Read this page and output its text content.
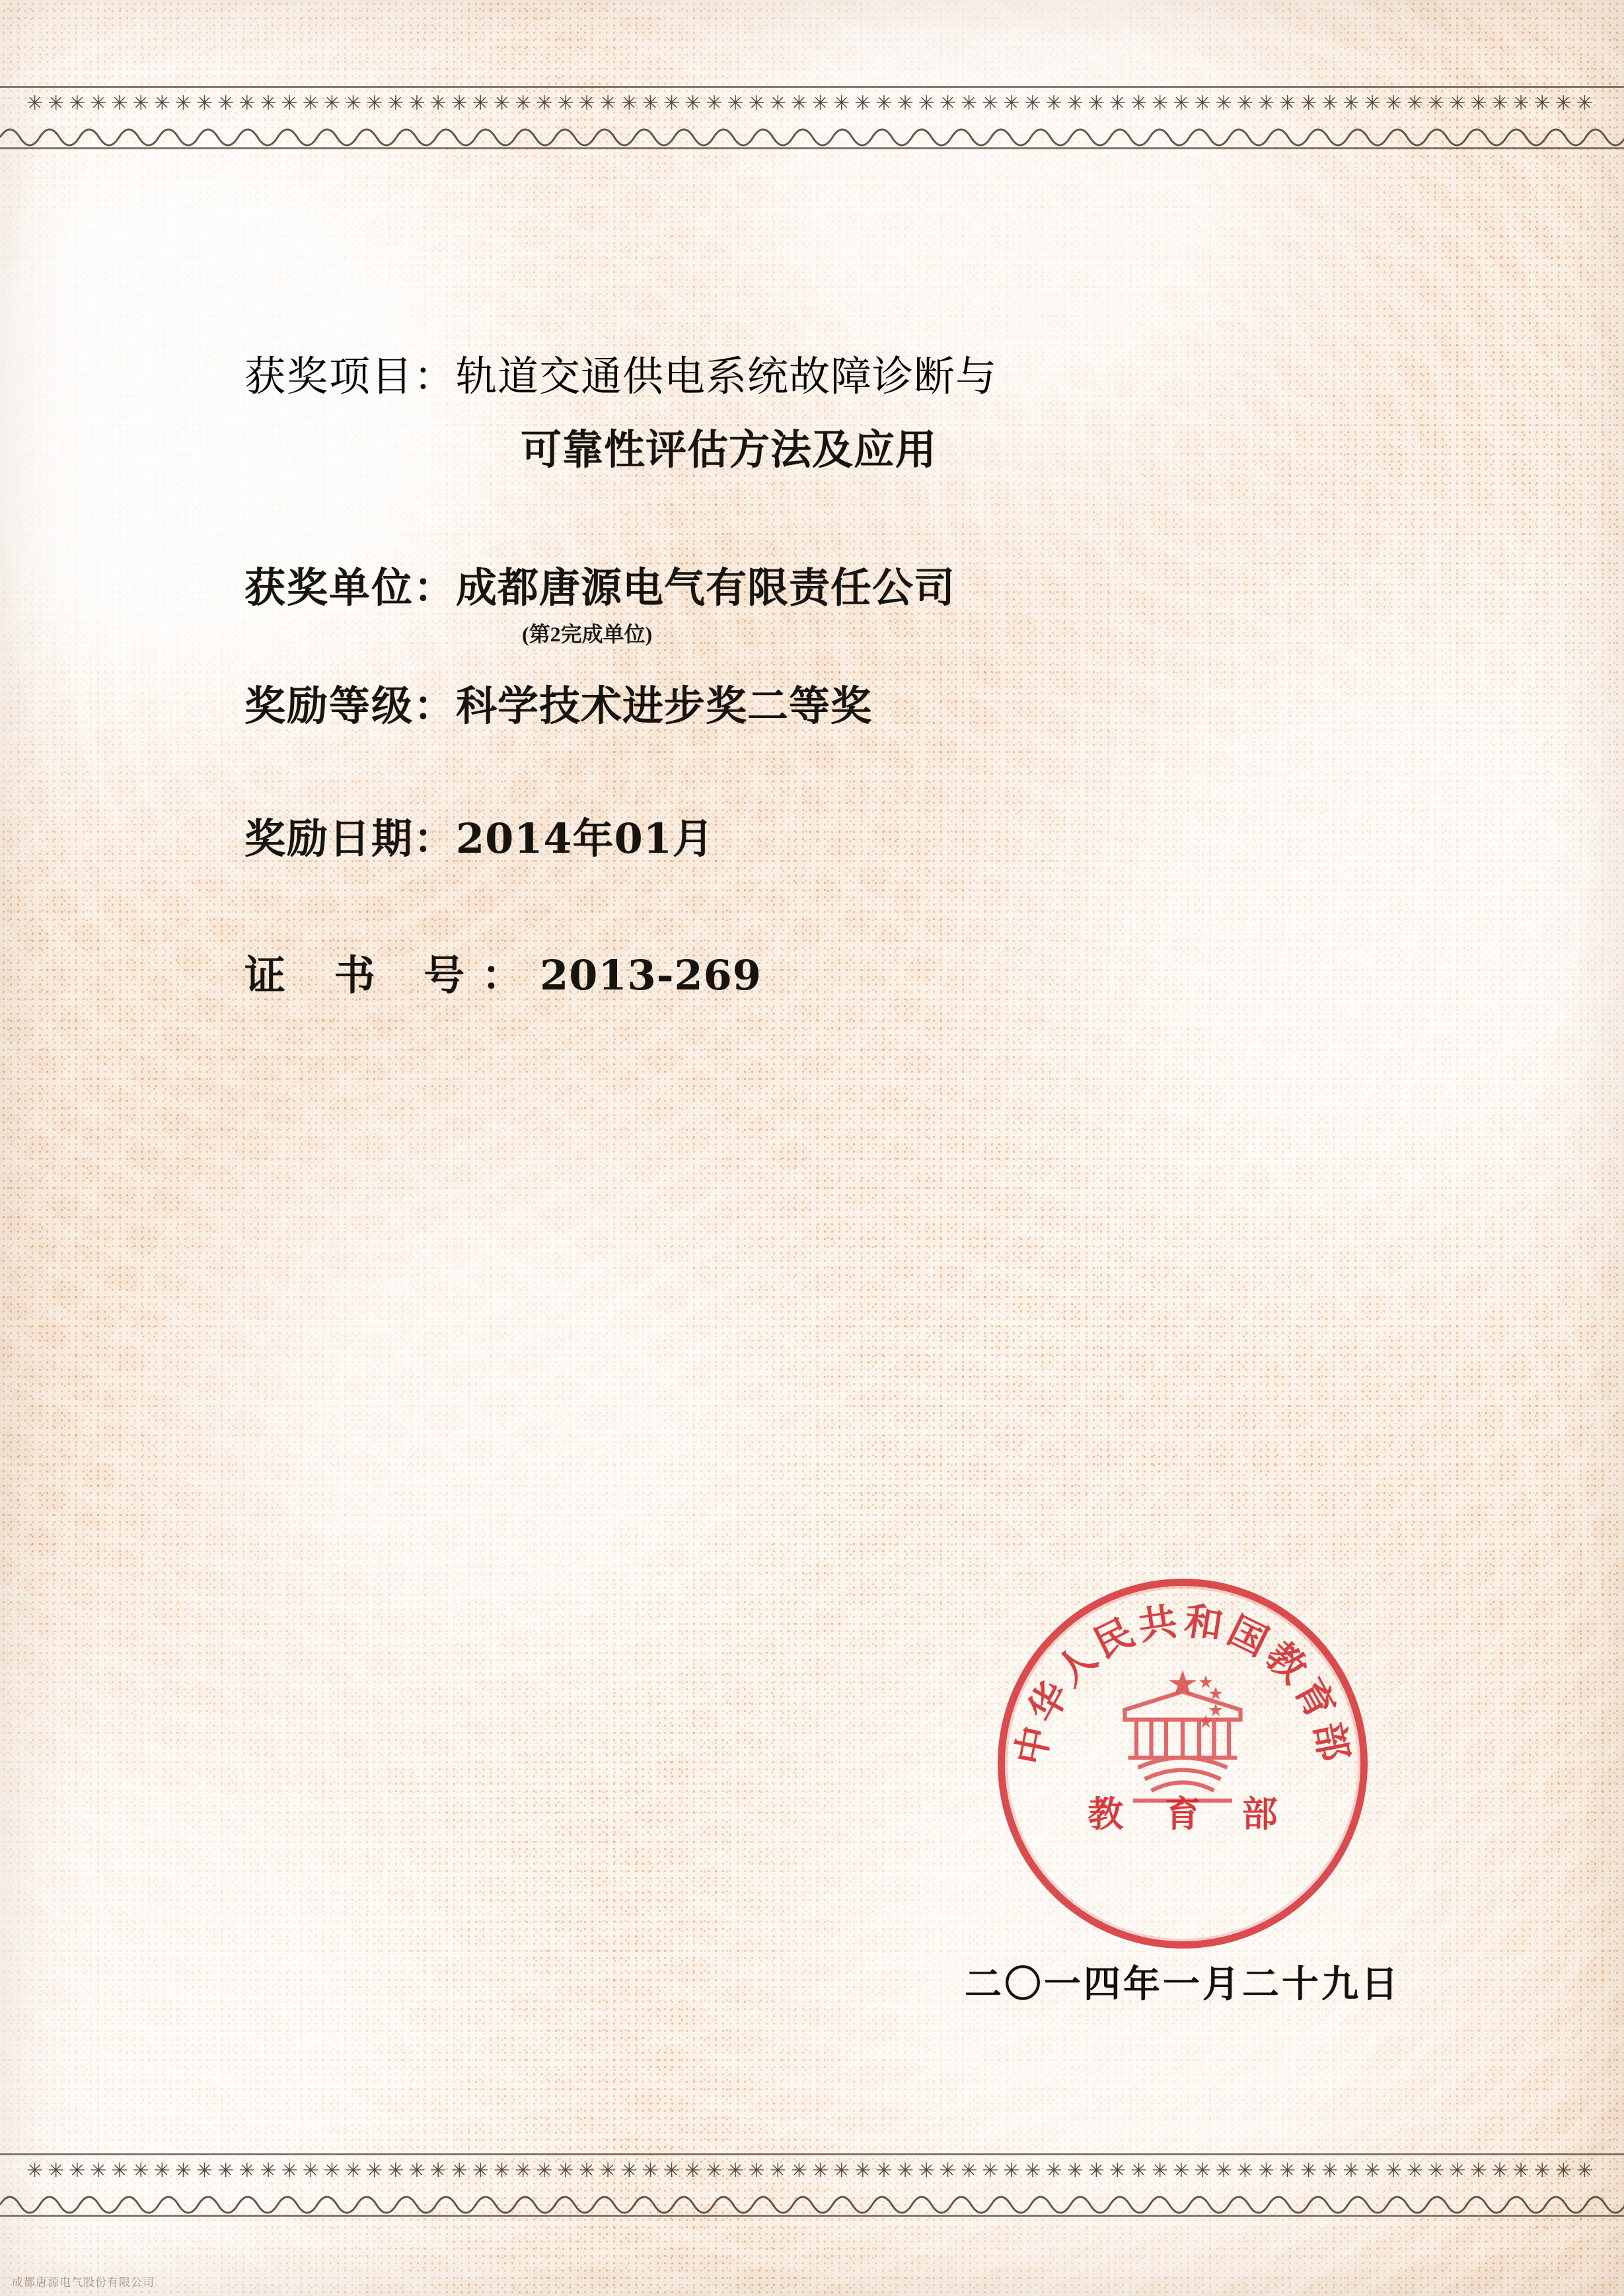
✳✳✳✳✳✳✳✳✳✳✳✳✳✳✳✳✳✳✳✳✳✳✳✳✳✳✳✳✳✳✳✳✳✳✳✳✳✳✳✳✳✳✳✳✳✳✳✳✳✳✳✳✳✳✳✳✳✳✳✳✳✳✳✳✳✳✳✳✳✳✳✳✳✳
获奖项目： 轨道交通供电系统故障诊断与
可靠性评估方法及应用
获奖单位： 成都唐源电气有限责任公司
(第2完成单位)
奖励等级： 科学技术进步奖二等奖
奖励日期： 2014年01月
证 书 号： 2013-269
中华人民共和国教育部
教 育 部
二〇一四年一月二十九日
✳✳✳✳✳✳✳✳✳✳✳✳✳✳✳✳✳✳✳✳✳✳✳✳✳✳✳✳✳✳✳✳✳✳✳✳✳✳✳✳✳✳✳✳✳✳✳✳✳✳✳✳✳✳✳✳✳✳✳✳✳✳✳✳✳✳✳✳✳✳✳✳✳✳
成都唐源电气股份有限公司
